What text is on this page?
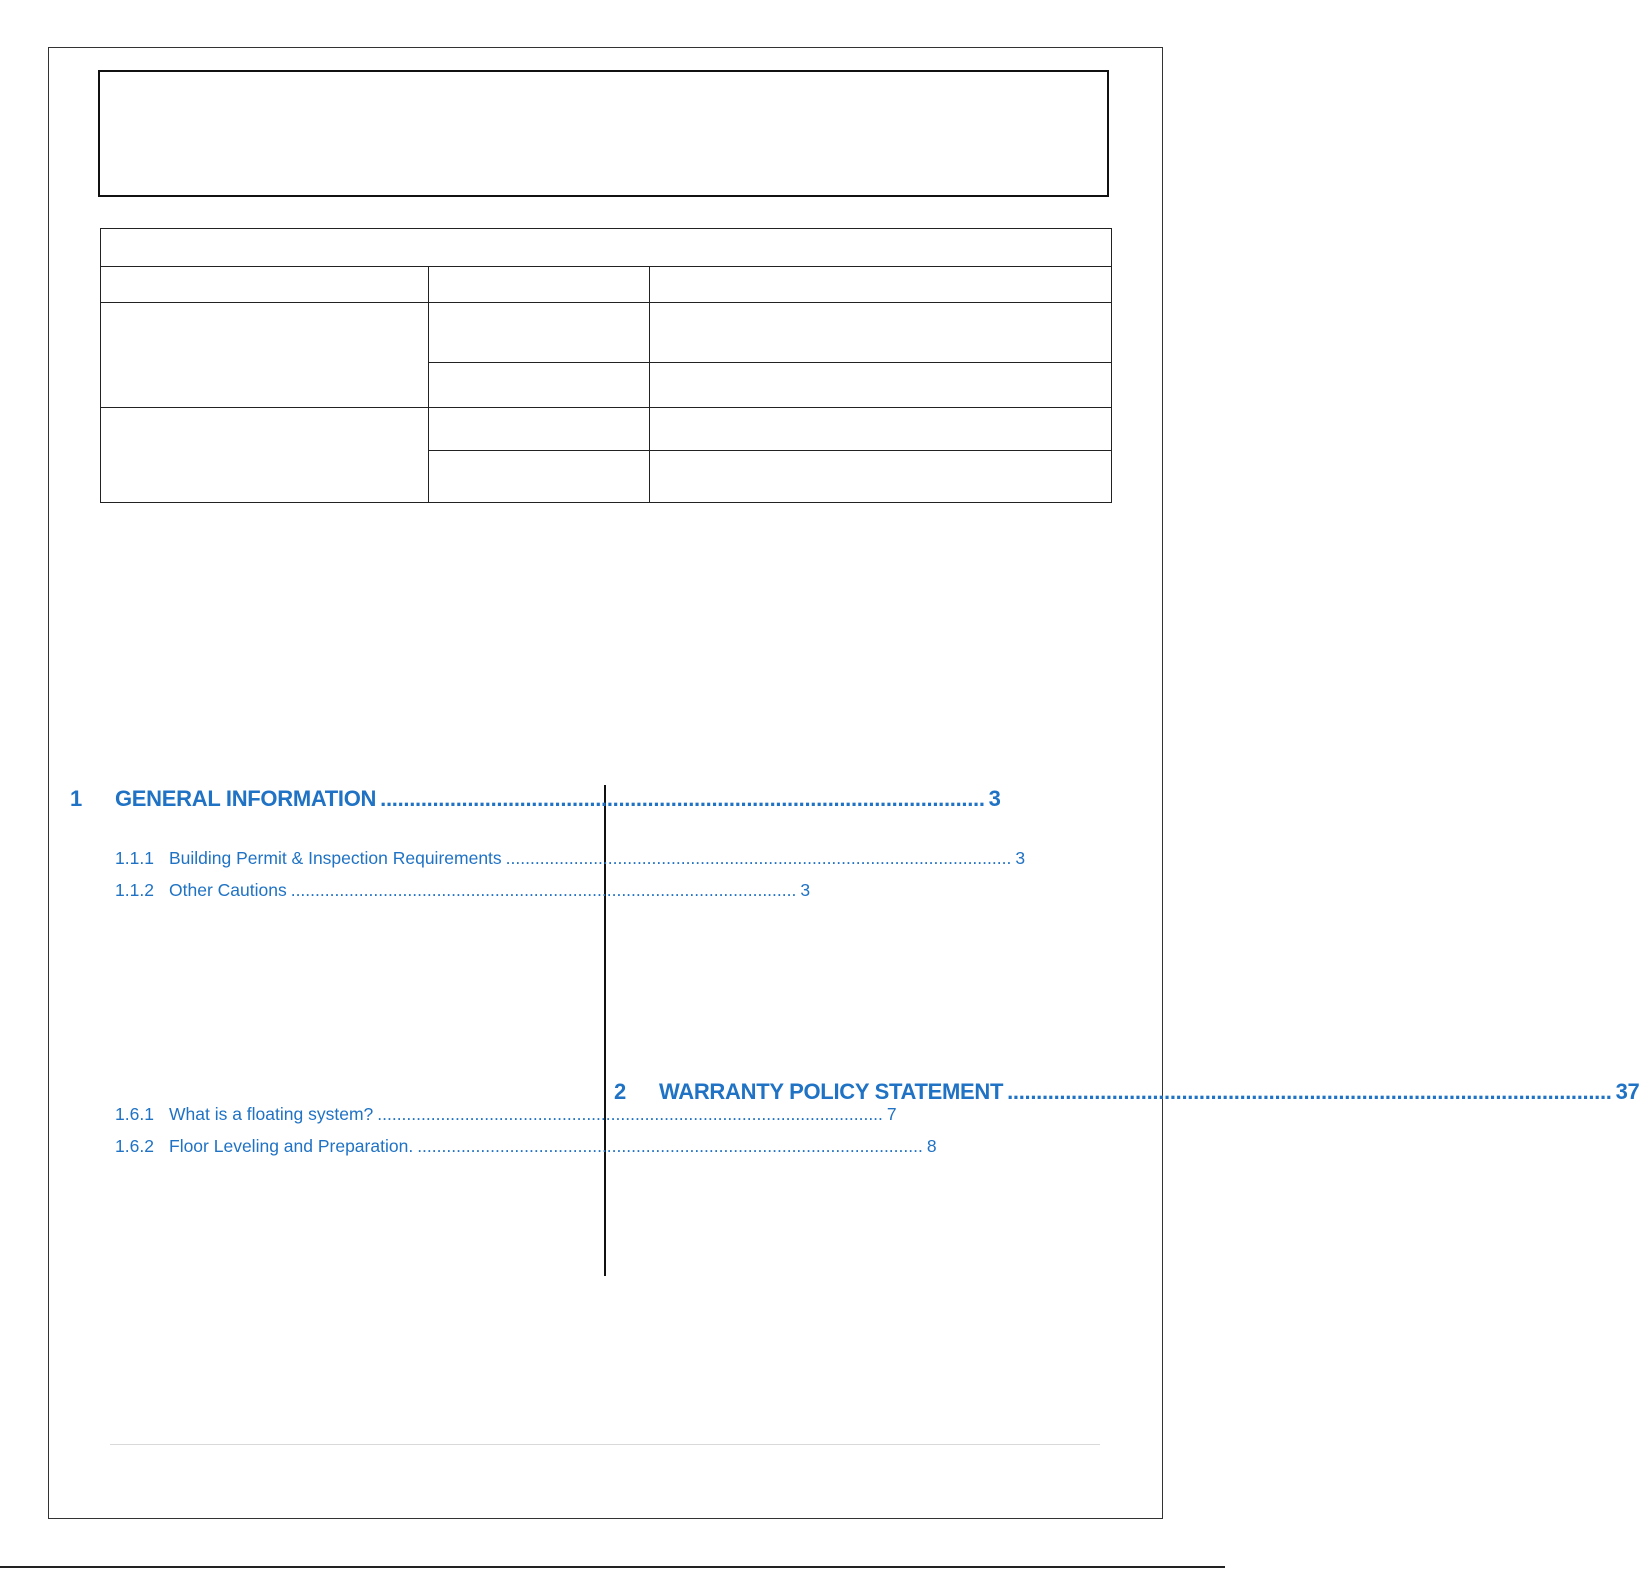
1	GENERAL INFORMATION ........................................................................................................ 3
1.1.1 Building Permit & Inspection Requirements ........................................................................................................ 3
1.1.2 Other Cautions ........................................................................................................ 3
1.6.1 What is a floating system? ........................................................................................................ 7
1.6.2 Floor Leveling and Preparation. ........................................................................................................ 8
2	WARRANTY POLICY STATEMENT ........................................................................................................ 37
